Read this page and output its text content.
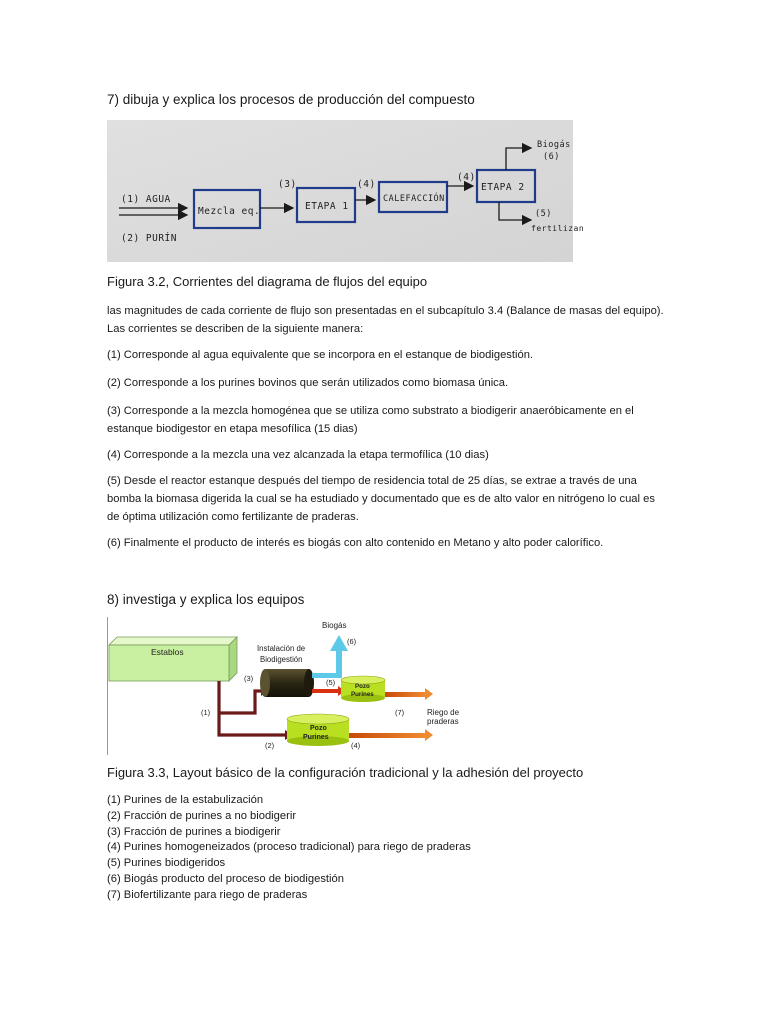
7) dibuja y explica los procesos de producción del compuesto
(1) AGUA
(2) PURÍN
Mezcla eq.
(3)
ETAPA 1
(4)
CALEFACCIÓN
(4)
ETAPA 2
Biogás
(6)
(5)
fertilizan
Figura 3.2, Corrientes del diagrama de flujos del equipo
las magnitudes de cada corriente de flujo son presentadas en el subcapítulo 3.4 (Balance de masas del equipo). Las corrientes se describen de la siguiente manera:
(1) Corresponde al agua equivalente que se incorpora en el estanque de biodigestión.
(2) Corresponde a los purines bovinos que serán utilizados como biomasa única.
(3) Corresponde a la mezcla homogénea que se utiliza como substrato a biodigerir anaeróbicamente en el estanque biodigestor en etapa mesofílica (15 dias)
(4) Corresponde a la mezcla una vez alcanzada la etapa termofílica (10 dias)
(5) Desde el reactor estanque después del tiempo de residencia total de 25 días, se extrae a través de una bomba la biomasa digerida la cual se ha estudiado y documentado que es de alto valor en nitrógeno lo cual es de óptima utilización como fertilizante de praderas.
(6) Finalmente el producto de interés es biogás con alto contenido en Metano y alto poder calorífico.
8) investiga y explica los equipos
Establos
Biogás
(6)
Instalación de
Biodigestión
(3)	(5)	Pozo
Purines
(7)	Riego de
praderas
(1)
Pozo
Purines
(2)	(4)
Figura 3.3, Layout básico de la configuración tradicional y la adhesión del proyecto
(1) Purines de la estabulización
(2) Fracción de purines a no biodigerir
(3) Fracción de purines a biodigerir
(4) Purines homogeneizados (proceso tradicional) para riego de praderas
(5) Purines biodigeridos
(6) Biogás producto del proceso de biodigestión
(7) Biofertilizante para riego de praderas
